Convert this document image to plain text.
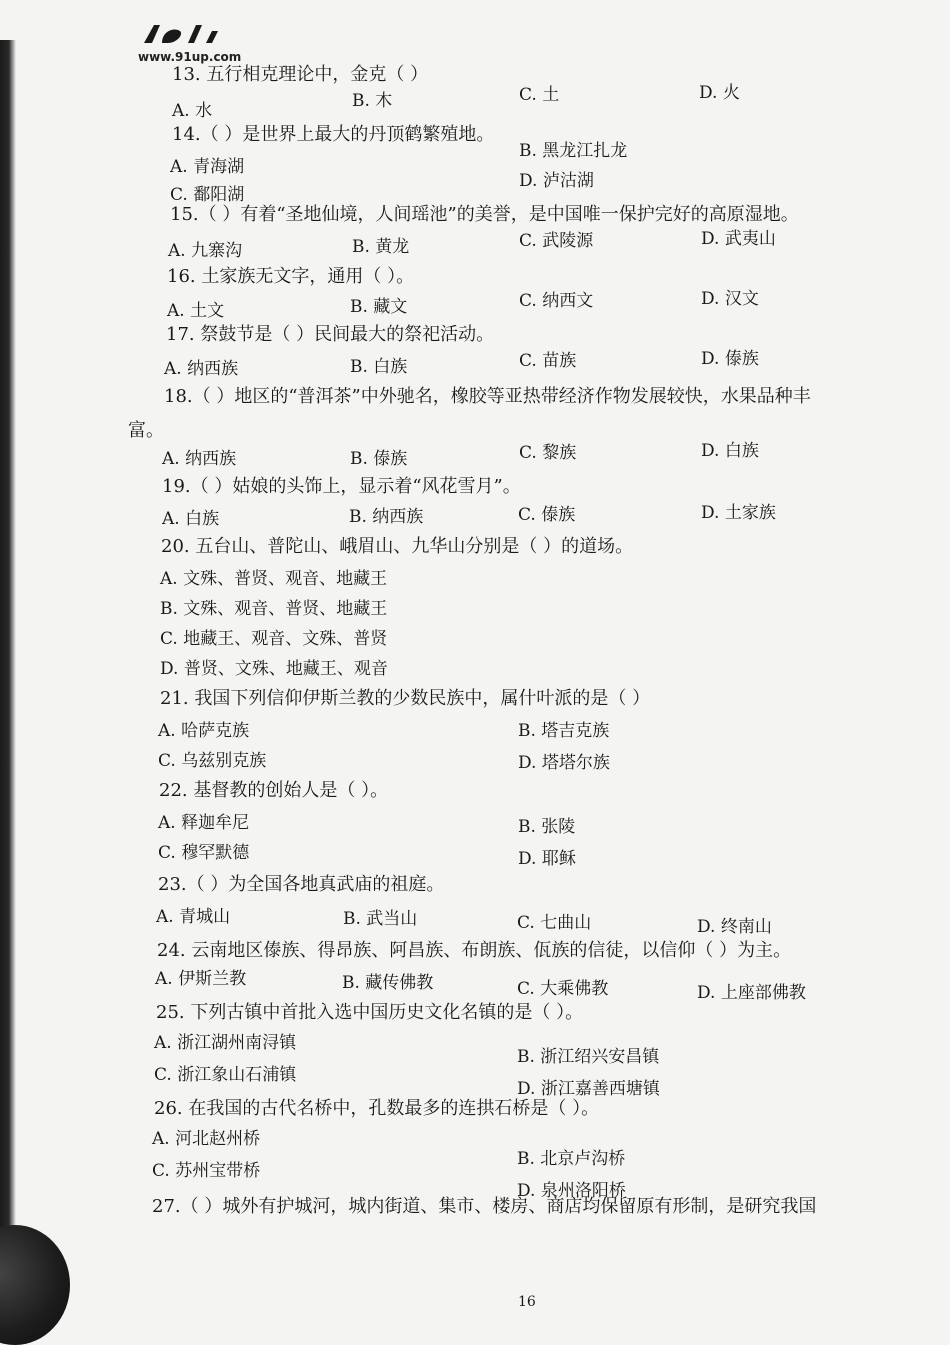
www.91up.com
13. 五行相克理论中，金克（ ）
A. 水	B. 木	C. 土	D. 火
14.（ ）是世界上最大的丹顶鹤繁殖地。
A. 青海湖
B. 黑龙江扎龙
C. 鄱阳湖
D. 泸沽湖
15.（ ）有着“圣地仙境，人间瑶池”的美誉，是中国唯一保护完好的高原湿地。
A. 九寨沟	B. 黄龙	C. 武陵源	D. 武夷山
16. 土家族无文字，通用（ ）。
A. 土文	B. 藏文	C. 纳西文	D. 汉文
17. 祭鼓节是（ ）民间最大的祭祀活动。
A. 纳西族	B. 白族	C. 苗族	D. 傣族
18.（ ）地区的“普洱茶”中外驰名，橡胶等亚热带经济作物发展较快，水果品种丰
富。
A. 纳西族	B. 傣族	C. 黎族	D. 白族
19.（ ）姑娘的头饰上，显示着“风花雪月”。
A. 白族	B. 纳西族	C. 傣族	D. 土家族
20. 五台山、普陀山、峨眉山、九华山分别是（ ）的道场。
A. 文殊、普贤、观音、地藏王
B. 文殊、观音、普贤、地藏王
C. 地藏王、观音、文殊、普贤
D. 普贤、文殊、地藏王、观音
21. 我国下列信仰伊斯兰教的少数民族中，属什叶派的是（ ）
A. 哈萨克族	B. 塔吉克族
C. 乌兹别克族	D. 塔塔尔族
22. 基督教的创始人是（ ）。
A. 释迦牟尼	B. 张陵
C. 穆罕默德	D. 耶稣
23.（ ）为全国各地真武庙的祖庭。
A. 青城山	B. 武当山	C. 七曲山	D. 终南山
24. 云南地区傣族、得昂族、阿昌族、布朗族、佤族的信徒，以信仰（ ）为主。
A. 伊斯兰教	B. 藏传佛教	C. 大乘佛教	D. 上座部佛教
25. 下列古镇中首批入选中国历史文化名镇的是（ ）。
A. 浙江湖州南浔镇
B. 浙江绍兴安昌镇
C. 浙江象山石浦镇
D. 浙江嘉善西塘镇
26. 在我国的古代名桥中，孔数最多的连拱石桥是（ ）。
A. 河北赵州桥
B. 北京卢沟桥
C. 苏州宝带桥
D. 泉州洛阳桥
27.（ ）城外有护城河，城内街道、集市、楼房、商店均保留原有形制，是研究我国
16
